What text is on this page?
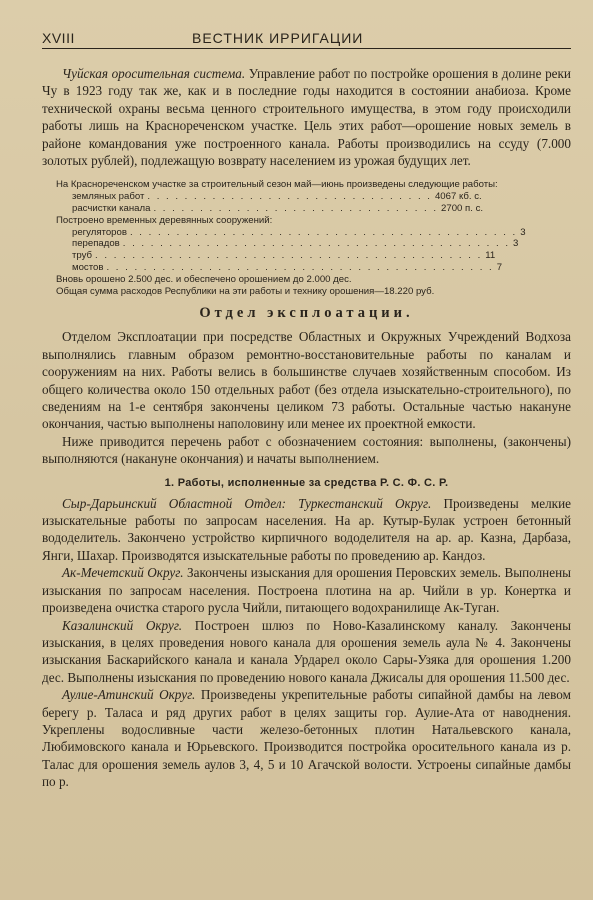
XVIII	ВЕСТНИК ИРРИГАЦИИ

Чуйская оросительная система. Управление работ по постройке орошения в долине реки Чу в 1923 году так же, как и в последние годы находится в состоянии анабиоза. Кроме технической охраны весьма ценного строительного имущества, в этом году происходили работы лишь на Краснореченском участке. Цель этих работ—орошение новых земель в районе командования уже построенного канала. Работы производились на ссуду (7.000 золотых рублей), подлежащую возврату населением из урожая будущих лет.

На Краснореченском участке за строительный сезон май—июнь произведены следующие работы:

земляных работ . . . . . . . . . . . . . . . . . . . . . . . . . . . . . . . 4067 кб. с.
расчистки канала . . . . . . . . . . . . . . . . . . . . . . . . . . . . . . . 2700 п. с.

Построено временных деревянных сооружений:

регуляторов . . . . . . . . . . . . . . . . . . . . . . . . . . . . . . . . . . . . . . . . . . 3
перепадов . . . . . . . . . . . . . . . . . . . . . . . . . . . . . . . . . . . . . . . . . . 3
труб . . . . . . . . . . . . . . . . . . . . . . . . . . . . . . . . . . . . . . . . . . 11
мостов . . . . . . . . . . . . . . . . . . . . . . . . . . . . . . . . . . . . . . . . . . 7

Вновь орошено 2.500 дес. и обеспечено орошением до 2.000 дес.

Общая сумма расходов Республики на эти работы и технику орошения—18.220 руб.

Отдел эксплоатации.

Отделом Эксплоатации при посредстве Областных и Окружных Учреждений Водхоза выполнялись главным образом ремонтно-восстановительные работы по каналам и сооружениям на них. Работы велись в большинстве случаев хозяйственным способом. Из общего количества около 150 отдельных работ (без отдела изыскательно-строительного), по сведениям на 1-е сентября закончены целиком 73 работы. Остальные частью накануне окончания, частью выполнены наполовину или менее их проектной емкости.

Ниже приводится перечень работ с обозначением состояния: выполнены, (закончены) выполняются (накануне окончания) и начаты выполнением.

1. Работы, исполненные за средства Р. С. Ф. С. Р.

Сыр-Дарьинский Областной Отдел: Туркестанский Округ. Произведены мелкие изыскательные работы по запросам населения. На ар. Кутыр-Булак устроен бетонный вододелитель. Закончено устройство кирпичного вододелителя на ар. ар. Казна, Дарбаза, Янги, Шахар. Производятся изыскательные работы по проведению ар. Кандоз.

Ак-Мечетский Округ. Закончены изыскания для орошения Перовских земель. Выполнены изыскания по запросам населения. Построена плотина на ар. Чийли в ур. Конертка и произведена очистка старого русла Чийли, питающего водохранилище Ак-Туган.

Казалинский Округ. Построен шлюз по Ново-Казалинскому каналу. Закончены изыскания, в целях проведения нового канала для орошения земель аула № 4. Закончены изыскания Баскарийского канала и канала Урдарел около Сары-Узяка для орошения 1.200 дес. Выполнены изыскания по проведению нового канала Джисалы для орошения 11.500 дес.

Аулие-Атинский Округ. Произведены укрепительные работы сипайной дамбы на левом берегу р. Таласа и ряд других работ в целях защиты гор. Аулие-Ата от наводнения. Укреплены водосливные части железо-бетонных плотин Натальевского канала, Любимовского канала и Юрьевского. Производится постройка оросительного канала из р. Талас для орошения земель аулов 3, 4, 5 и 10 Агачской волости. Устроены сипайные дамбы по р.
